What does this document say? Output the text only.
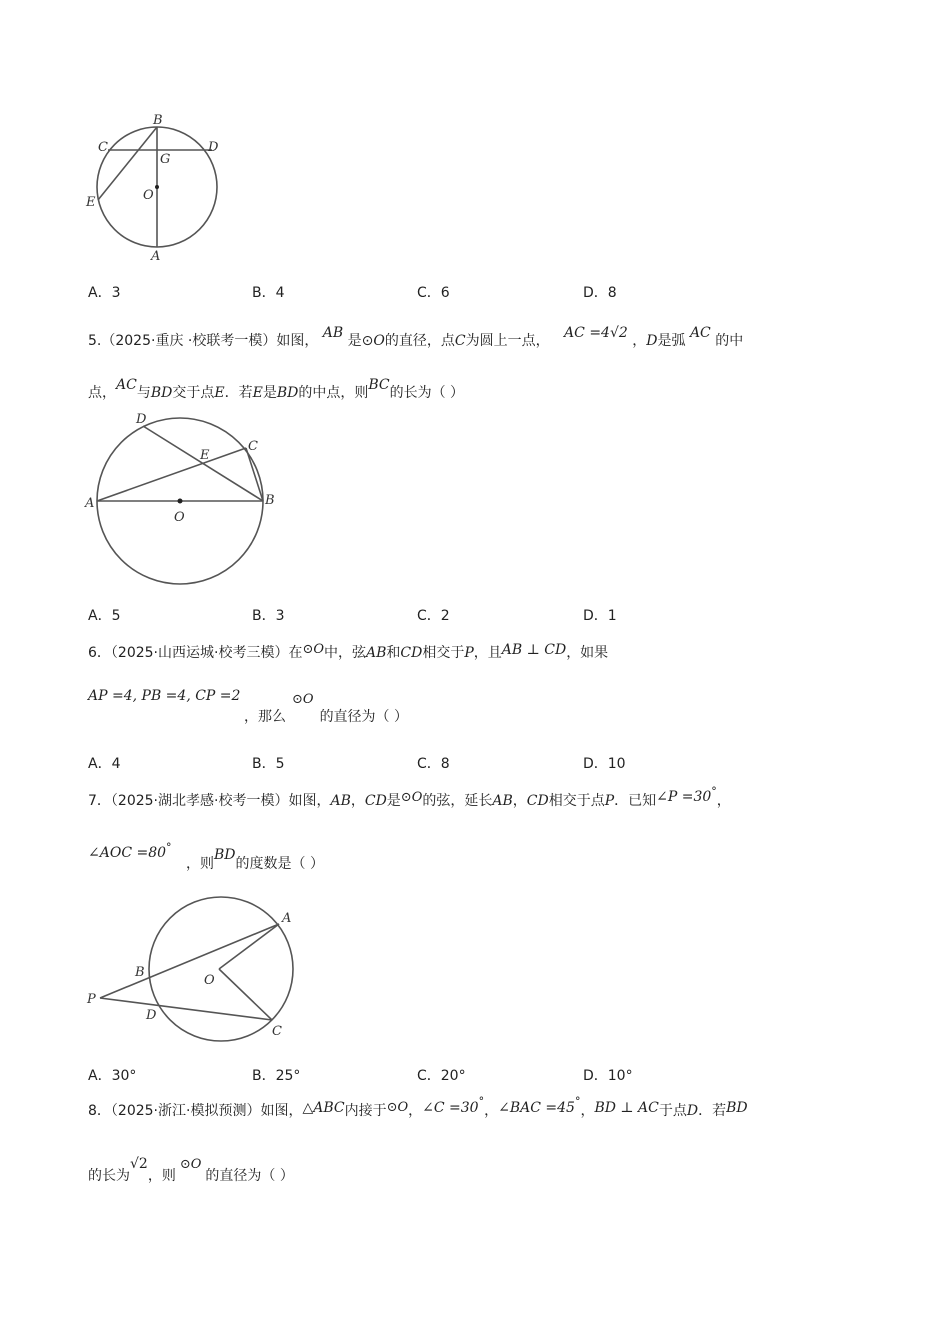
B
C	D
G
O
E
A
A．3	B．4	C．6	D．8
5.（2025·重庆 ·校联考一模）如图， AB 是⊙O的直径，点C为圆上一点， AC =4√2 ，D是弧 AC 的中
点，AC与BD交于点E．若E是BD的中点，则BC的长为（ ）
D
C
E
A	B
O
A．5	B．3	C．2	D．1
6．（2025·山西运城·校考三模）在⊙O中，弦AB和CD相交于P，且AB ⊥ CD，如果
AP =4, PB =4, CP =2
，那么⊙O的直径为（ ）
A．4	B．5	C．8	D．10
7．（2025·湖北孝感·校考一模）如图，AB，CD是⊙O的弦，延长AB，CD相交于点P．已知∠P =30°，
∠AOC =80°
，则BD的度数是（ ）
A
B
O
P
D
C
A．30°	B．25°	C．20°	D．10°
8．（2025·浙江·模拟预测）如图，△ABC内接于⊙O，∠C =30°，∠BAC =45°，BD ⊥ AC于点D．若BD
的长为√2，则⊙O的直径为（ ）
